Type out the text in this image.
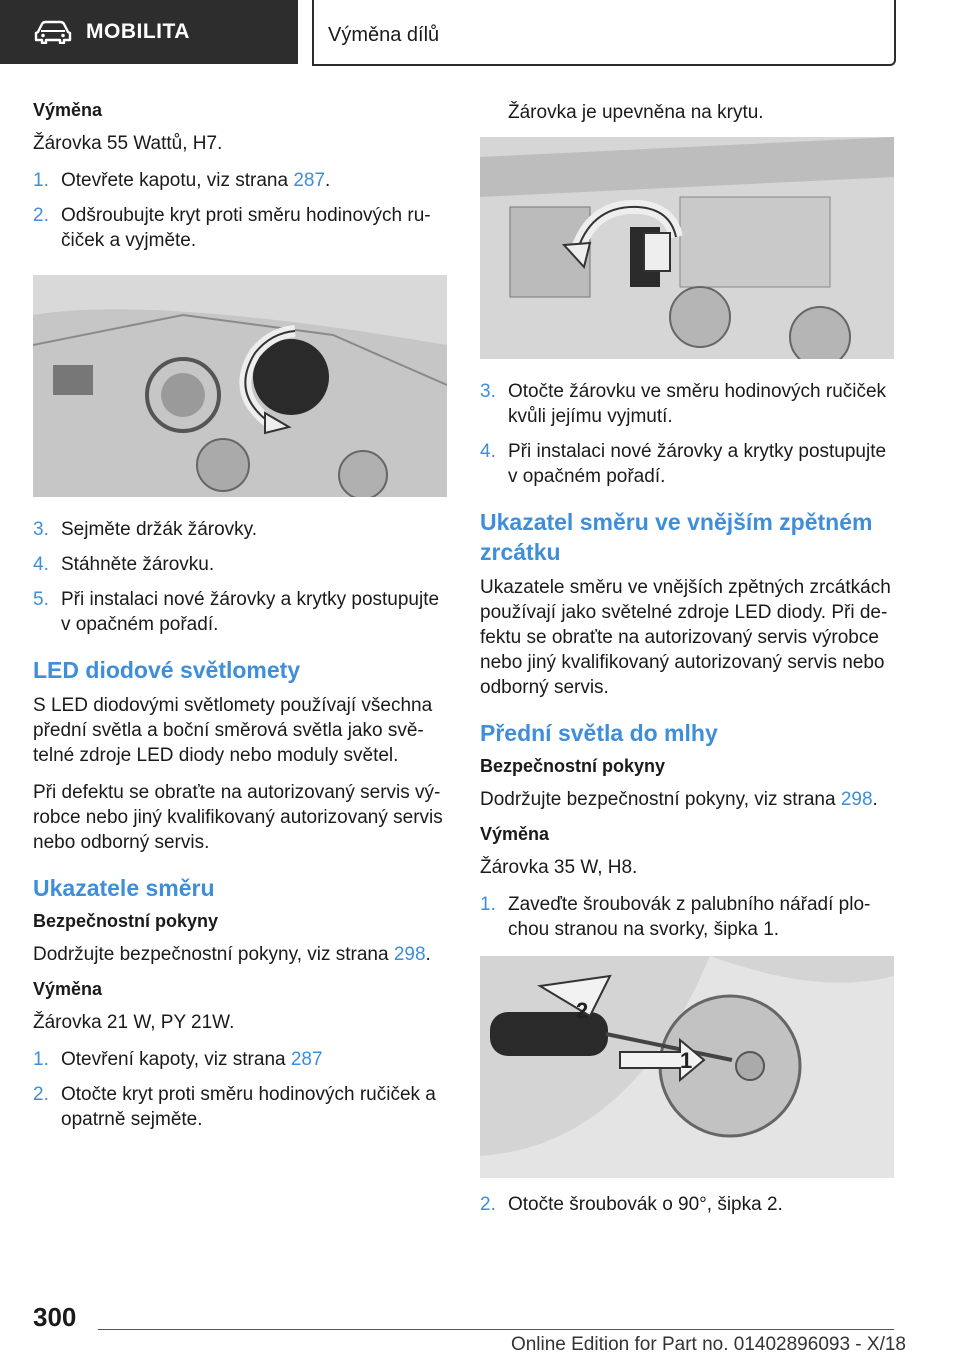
MOBILITA	Výměna dílů
Výměna

Žárovka 55 Wattů, H7.

1. Otevřete kapotu, viz strana 287.
2. Odšroubujte kryt proti směru hodinových ru-čiček a vyjměte.
3. Sejměte držák žárovky.
4. Stáhněte žárovku.
5. Při instalaci nové žárovky a krytky postupujte v opačném pořadí.
LED diodové světlomety

S LED diodovými světlomety používají všechna přední světla a boční směrová světla jako svě-telné zdroje LED diody nebo moduly světel.

Při defektu se obraťte na autorizovaný servis vý-robce nebo jiný kvalifikovaný autorizovaný servis nebo odborný servis.

Ukazatele směru
Bezpečnostní pokyny

Dodržujte bezpečnostní pokyny, viz strana 298.

Výměna

Žárovka 21 W, PY 21W.

1. Otevření kapoty, viz strana 287
2. Otočte kryt proti směru hodinových ručiček a opatrně sejměte.

Žárovka je upevněna na krytu.

3. Otočte žárovku ve směru hodinových ručiček kvůli jejímu vyjmutí.
4. Při instalaci nové žárovky a krytky postupujte v opačném pořadí.
Ukazatel směru ve vnějším zpětném zrcátku

Ukazatele směru ve vnějších zpětných zrcátkách používají jako světelné zdroje LED diody. Při de-fektu se obraťte na autorizovaný servis výrobce nebo jiný kvalifikovaný autorizovaný servis nebo odborný servis.

Přední světla do mlhy
Bezpečnostní pokyny

Dodržujte bezpečnostní pokyny, viz strana 298.

Výměna

Žárovka 35 W, H8.

1. Zaveďte šroubovák z palubního nářadí plo-chou stranou na svorky, šipka 1.
2
1
2. Otočte šroubovák o 90°, šipka 2.
300
Online Edition for Part no. 01402896093 - X/18
